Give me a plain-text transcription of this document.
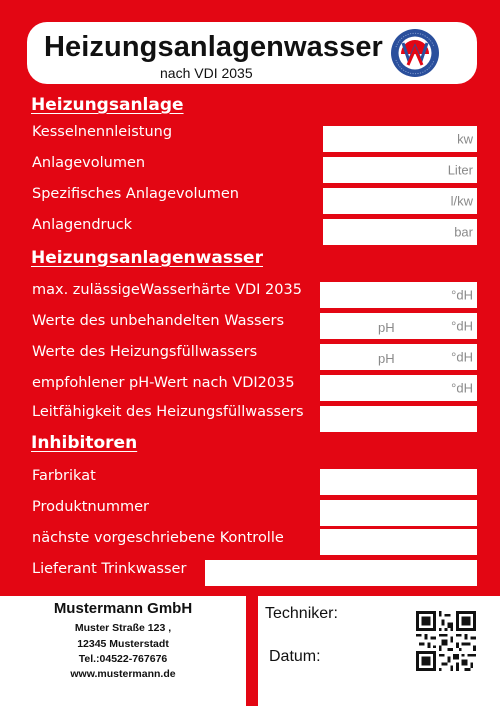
Heizungsanlagenwasser
nach VDI 2035
Heizungsanlage
Kesselnennleistung	kw
Anlagevolumen	Liter
Spezifisches Anlagevolumen	l/kw
Anlagendruck	bar
Heizungsanlagenwasser
max. zulässigeWasserhärte VDI 2035	°dH
Werte des unbehandelten Wassers	pH	°dH
Werte des Heizungsfüllwassers	pH	°dH
empfohlener pH-Wert nach VDI2035	°dH
Leitfähigkeit des Heizungsfüllwassers
Inhibitoren
Farbrikat
Produktnummer
nächste vorgeschriebene Kontrolle
Lieferant Trinkwasser
Mustermann GmbH
Muster Straße 123 ,
12345 Musterstadt
Tel.:04522-767676
www.mustermann.de
Techniker:
Datum:
